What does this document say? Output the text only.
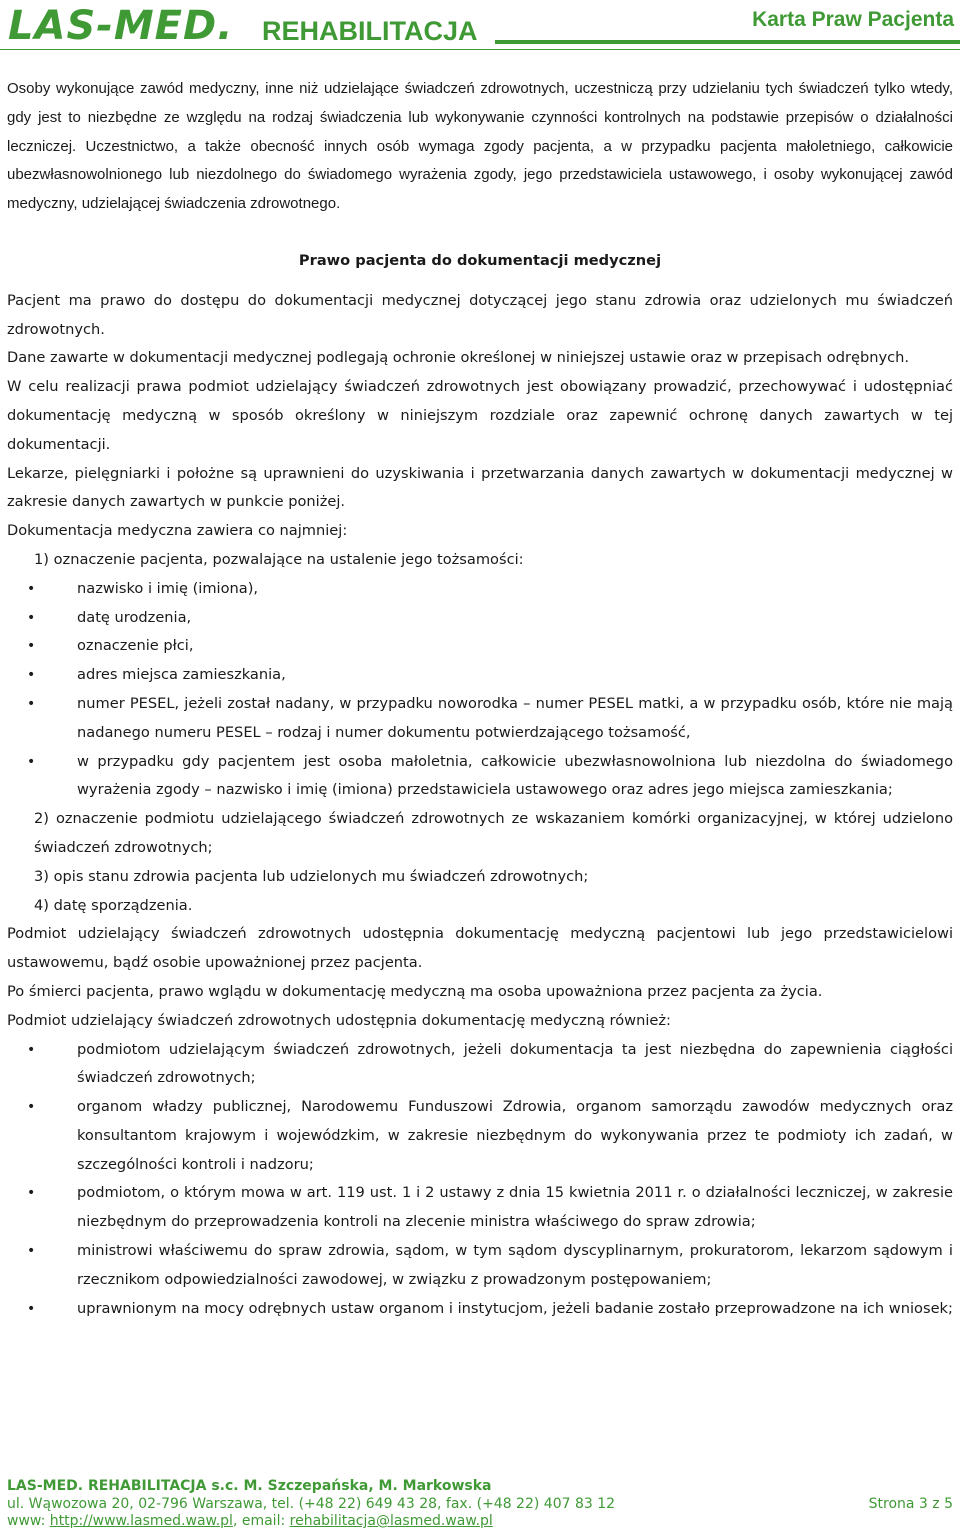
LAS-MED. REHABILITACJA	Karta Praw Pacjenta

Osoby wykonujące zawód medyczny, inne niż udzielające świadczeń zdrowotnych, uczestniczą przy udzielaniu tych świadczeń tylko wtedy, gdy jest to niezbędne ze względu na rodzaj świadczenia lub wykonywanie czynności kontrolnych na podstawie przepisów o działalności leczniczej. Uczestnictwo, a także obecność innych osób wymaga zgody pacjenta, a w przypadku pacjenta małoletniego, całkowicie ubezwłasnowolnionego lub niezdolnego do świadomego wyrażenia zgody, jego przedstawiciela ustawowego, i osoby wykonującej zawód medyczny, udzielającej świadczenia zdrowotnego.

Prawo pacjenta do dokumentacji medycznej

Pacjent ma prawo do dostępu do dokumentacji medycznej dotyczącej jego stanu zdrowia oraz udzielonych mu świadczeń zdrowotnych.

Dane zawarte w dokumentacji medycznej podlegają ochronie określonej w niniejszej ustawie oraz w przepisach odrębnych.

W celu realizacji prawa podmiot udzielający świadczeń zdrowotnych jest obowiązany prowadzić, przechowywać i udostępniać dokumentację medyczną w sposób określony w niniejszym rozdziale oraz zapewnić ochronę danych zawartych w tej dokumentacji.

Lekarze, pielęgniarki i położne są uprawnieni do uzyskiwania i przetwarzania danych zawartych w dokumentacji medycznej w zakresie danych zawartych w punkcie poniżej.

Dokumentacja medyczna zawiera co najmniej:

1) oznaczenie pacjenta, pozwalające na ustalenie jego tożsamości:

• nazwisko i imię (imiona),
• datę urodzenia,
• oznaczenie płci,
• adres miejsca zamieszkania,
• numer PESEL, jeżeli został nadany, w przypadku noworodka – numer PESEL matki, a w przypadku osób, które nie mają nadanego numeru PESEL – rodzaj i numer dokumentu potwierdzającego tożsamość,
• w przypadku gdy pacjentem jest osoba małoletnia, całkowicie ubezwłasnowolniona lub niezdolna do świadomego wyrażenia zgody – nazwisko i imię (imiona) przedstawiciela ustawowego oraz adres jego miejsca zamieszkania;

2) oznaczenie podmiotu udzielającego świadczeń zdrowotnych ze wskazaniem komórki organizacyjnej, w której udzielono świadczeń zdrowotnych;

3) opis stanu zdrowia pacjenta lub udzielonych mu świadczeń zdrowotnych;

4) datę sporządzenia.

Podmiot udzielający świadczeń zdrowotnych udostępnia dokumentację medyczną pacjentowi lub jego przedstawicielowi ustawowemu, bądź osobie upoważnionej przez pacjenta.

Po śmierci pacjenta, prawo wglądu w dokumentację medyczną ma osoba upoważniona przez pacjenta za życia.

Podmiot udzielający świadczeń zdrowotnych udostępnia dokumentację medyczną również:

• podmiotom udzielającym świadczeń zdrowotnych, jeżeli dokumentacja ta jest niezbędna do zapewnienia ciągłości świadczeń zdrowotnych;
• organom władzy publicznej, Narodowemu Funduszowi Zdrowia, organom samorządu zawodów medycznych oraz konsultantom krajowym i wojewódzkim, w zakresie niezbędnym do wykonywania przez te podmioty ich zadań, w szczególności kontroli i nadzoru;
• podmiotom, o którym mowa w art. 119 ust. 1 i 2 ustawy z dnia 15 kwietnia 2011 r. o działalności leczniczej, w zakresie niezbędnym do przeprowadzenia kontroli na zlecenie ministra właściwego do spraw zdrowia;
• ministrowi właściwemu do spraw zdrowia, sądom, w tym sądom dyscyplinarnym, prokuratorom, lekarzom sądowym i rzecznikom odpowiedzialności zawodowej, w związku z prowadzonym postępowaniem;
• uprawnionym na mocy odrębnych ustaw organom i instytucjom, jeżeli badanie zostało przeprowadzone na ich wniosek;
LAS-MED. REHABILITACJA s.c. M. Szczepańska, M. Markowska
ul. Wąwozowa 20, 02-796 Warszawa, tel. (+48 22) 649 43 28, fax. (+48 22) 407 83 12	Strona 3 z 5
www: http://www.lasmed.waw.pl, email: rehabilitacja@lasmed.waw.pl
